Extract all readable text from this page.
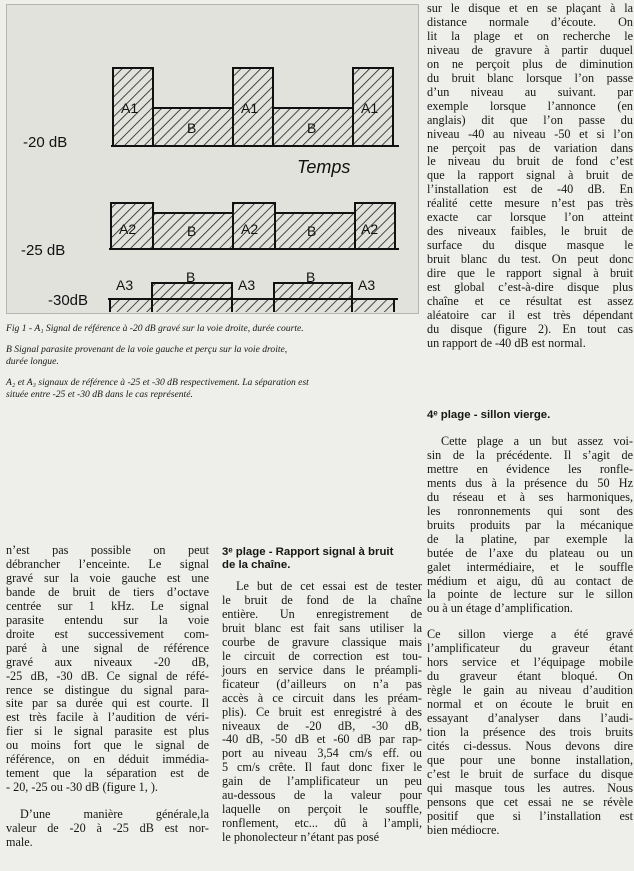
-20 dB
A1
B
A1
B
A1
Temps
-25 dB
A2	B	A2	B	A2
-30dB
A3	B	A3	B	A3

Fig 1 - A₁ Signal de référence à -20 dB gravé sur la voie droite, durée courte.

B Signal parasite provenant de la voie gauche et perçu sur la voie droite,

durée longue.

A₂ et A₃ signaux de référence à -25 et -30 dB respectivement. La séparation est

située entre -25 et -30 dB dans le cas représenté.

n’est pas possible on peut

débrancher l’enceinte. Le signal

gravé sur la voie gauche est une

bande de bruit de tiers d’octave

centrée sur 1 kHz. Le signal

parasite entendu sur la voie

droite est successivement com-

paré à une signal de référence

gravé aux niveaux -20 dB,

-25 dB, -30 dB. Ce signal de réfé-

rence se distingue du signal para-

site par sa durée qui est courte. Il

est très facile à l’audition de véri-

fier si le signal parasite est plus

ou moins fort que le signal de

référence, on en déduit immédia-

tement que la séparation est de

- 20, -25 ou -30 dB (figure 1, ).

D’une manière générale,la

valeur de -20 à -25 dB est nor-

male.

3ᵉ plage - Rapport signal à bruit

de la chaîne.

Le but de cet essai est de tester

le bruit de fond de la chaîne

entière. Un enregistrement de

bruit blanc est fait sans utiliser la

courbe de gravure classique mais

le circuit de correction est tou-

jours en service dans le préampli-

ficateur (d’ailleurs on n’a pas

accès à ce circuit dans les préam-

plis). Ce bruit est enregistré à des

niveaux de -20 dB, -30 dB,

-40 dB, -50 dB et -60 dB par rap-

port au niveau 3,54 cm/s eff. ou

5 cm/s crête. Il faut donc fixer le

gain de l’amplificateur un peu

au-dessous de la valeur pour

laquelle on perçoit le souffle,

ronflement, etc... dû à l’ampli,

le phonolecteur n’étant pas posé

sur le disque et en se plaçant à la

distance normale d’écoute. On

lit la plage et on recherche le

niveau de gravure à partir duquel

on ne perçoit plus de diminution

du bruit blanc lorsque l’on passe

d’un niveau au suivant. par

exemple lorsque l’annonce (en

anglais) dit que l’on passe du

niveau -40 au niveau -50 et si l’on

ne perçoit pas de variation dans

le niveau du bruit de fond c’est

que la rapport signal à bruit de

l’installation est de -40 dB. En

réalité cette mesure n’est pas très

exacte car lorsque l’on atteint

des niveaux faibles, le bruit de

surface du disque masque le

bruit blanc du test. On peut donc

dire que le rapport signal à bruit

est global c’est-à-dire disque plus

chaîne et ce résultat est assez

aléatoire car il est très dépendant

du disque (figure 2). En tout cas

un rapport de -40 dB est normal.

4ᵉ plage - sillon vierge.

Cette plage a un but assez voi-

sin de la précédente. Il s’agit de

mettre en évidence les ronfle-

ments dus à la présence du 50 Hz

du réseau et à ses harmoniques,

les ronronnements qui sont des

bruits produits par la mécanique

de la platine, par exemple la

butée de l’axe du plateau ou un

galet intermédiaire, et le souffle

médium et aigu, dû au contact de

la pointe de lecture sur le sillon

ou à un étage d’amplification.

Ce sillon vierge a été gravé

l’amplificateur du graveur étant

hors service et l’équipage mobile

du graveur étant bloqué. On

règle le gain au niveau d’audition

normal et on écoute le bruit en

essayant d’analyser dans l’audi-

tion la présence des trois bruits

cités ci-dessus. Nous devons dire

que pour une bonne installation,

c’est le bruit de surface du disque

qui masque tous les autres. Nous

pensons que cet essai ne se révèle

positif que si l’installation est

bien médiocre.
